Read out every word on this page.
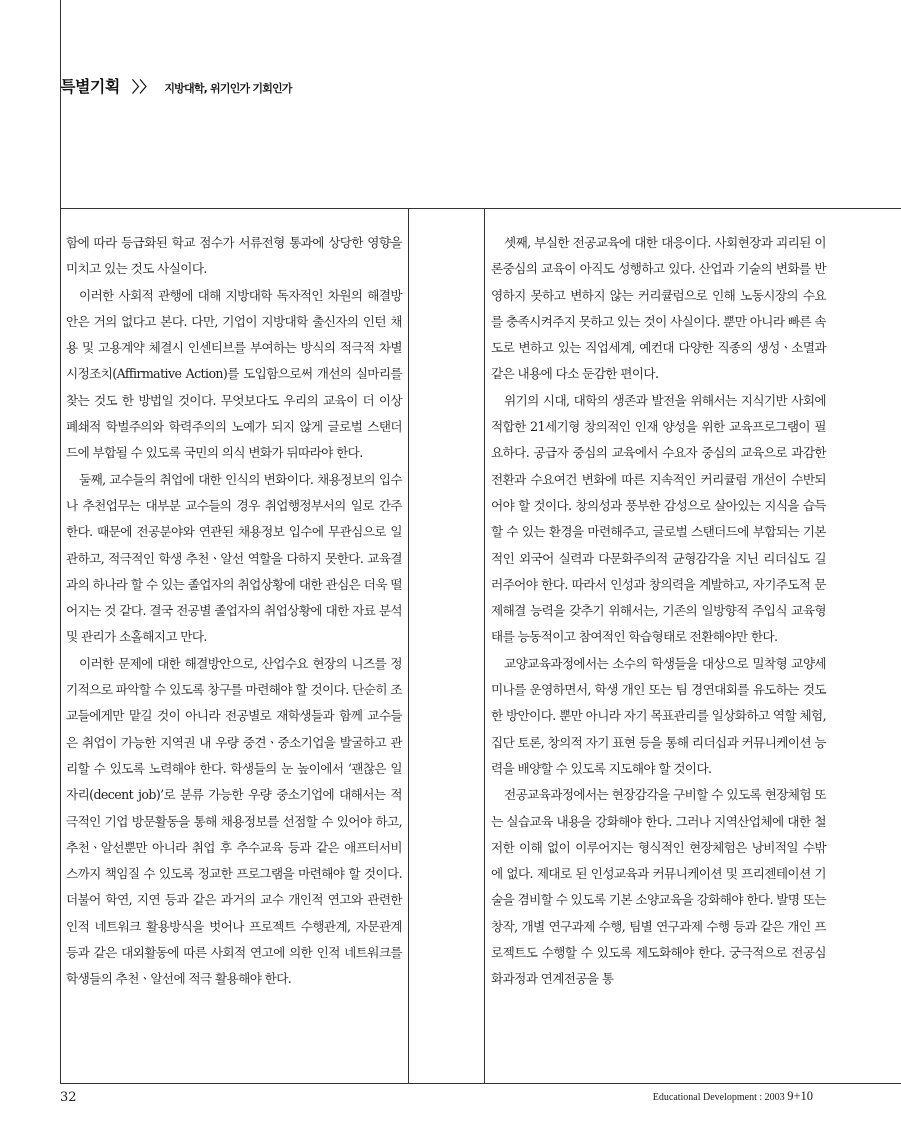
특별기획 〉〉 지방대학, 위기인가 기회인가

함에 따라 등급화된 학교 점수가 서류전형 통과에 상당한 영향을 미치고 있는 것도 사실이다.

이러한 사회적 관행에 대해 지방대학 독자적인 차원의 해결방안은 거의 없다고 본다. 다만, 기업이 지방대학 출신자의 인턴 채용 및 고용계약 체결시 인센티브를 부여하는 방식의 적극적 차별시정조치(Affirmative Action)를 도입함으로써 개선의 실마리를 찾는 것도 한 방법일 것이다. 무엇보다도 우리의 교육이 더 이상 폐쇄적 학벌주의와 학력주의의 노예가 되지 않게 글로벌 스탠더드에 부합될 수 있도록 국민의 의식 변화가 뒤따라야 한다.

둘째, 교수들의 취업에 대한 인식의 변화이다. 채용정보의 입수나 추천업무는 대부분 교수들의 경우 취업행정부서의 일로 간주한다. 때문에 전공분야와 연관된 채용정보 입수에 무관심으로 일관하고, 적극적인 학생 추천ㆍ알선 역할을 다하지 못한다. 교육결과의 하나라 할 수 있는 졸업자의 취업상황에 대한 관심은 더욱 떨어지는 것 같다. 결국 전공별 졸업자의 취업상황에 대한 자료 분석 및 관리가 소홀해지고 만다.

이러한 문제에 대한 해결방안으로, 산업수요 현장의 니즈를 정기적으로 파악할 수 있도록 창구를 마련해야 할 것이다. 단순히 조교들에게만 맡길 것이 아니라 전공별로 재학생들과 함께 교수들은 취업이 가능한 지역권 내 우량 중견ㆍ중소기업을 발굴하고 관리할 수 있도록 노력해야 한다. 학생들의 눈 높이에서 ‘괜찮은 일자리(decent job)’로 분류 가능한 우량 중소기업에 대해서는 적극적인 기업 방문활동을 통해 채용정보를 선점할 수 있어야 하고, 추천ㆍ알선뿐만 아니라 취업 후 추수교육 등과 같은 애프터서비스까지 책임질 수 있도록 정교한 프로그램을 마련해야 할 것이다. 더불어 학연, 지연 등과 같은 과거의 교수 개인적 연고와 관련한 인적 네트워크 활용방식을 벗어나 프로젝트 수행관계, 자문관계 등과 같은 대외활동에 따른 사회적 연고에 의한 인적 네트워크를 학생들의 추천ㆍ알선에 적극 활용해야 한다.

셋째, 부실한 전공교육에 대한 대응이다. 사회현장과 괴리된 이론중심의 교육이 아직도 성행하고 있다. 산업과 기술의 변화를 반영하지 못하고 변하지 않는 커리큘럼으로 인해 노동시장의 수요를 충족시켜주지 못하고 있는 것이 사실이다. 뿐만 아니라 빠른 속도로 변하고 있는 직업세계, 예컨대 다양한 직종의 생성ㆍ소멸과 같은 내용에 다소 둔감한 편이다.

위기의 시대, 대학의 생존과 발전을 위해서는 지식기반 사회에 적합한 21세기형 창의적인 인재 양성을 위한 교육프로그램이 필요하다. 공급자 중심의 교육에서 수요자 중심의 교육으로 과감한 전환과 수요여건 변화에 따른 지속적인 커리큘럼 개선이 수반되어야 할 것이다. 창의성과 풍부한 감성으로 살아있는 지식을 습득할 수 있는 환경을 마련해주고, 글로벌 스탠더드에 부합되는 기본적인 외국어 실력과 다문화주의적 균형감각을 지닌 리더십도 길러주어야 한다. 따라서 인성과 창의력을 계발하고, 자기주도적 문제해결 능력을 갖추기 위해서는, 기존의 일방향적 주입식 교육형태를 능동적이고 참여적인 학습형태로 전환해야만 한다.

교양교육과정에서는 소수의 학생들을 대상으로 밀착형 교양세미나를 운영하면서, 학생 개인 또는 팀 경연대회를 유도하는 것도 한 방안이다. 뿐만 아니라 자기 목표관리를 일상화하고 역할 체험, 집단 토론, 창의적 자기 표현 등을 통해 리더십과 커뮤니케이션 능력을 배양할 수 있도록 지도해야 할 것이다.

전공교육과정에서는 현장감각을 구비할 수 있도록 현장체험 또는 실습교육 내용을 강화해야 한다. 그러나 지역산업체에 대한 철저한 이해 없이 이루어지는 형식적인 현장체험은 낭비적일 수밖에 없다. 제대로 된 인성교육과 커뮤니케이션 및 프리젠테이션 기술을 겸비할 수 있도록 기본 소양교육을 강화해야 한다. 발명 또는 창작, 개별 연구과제 수행, 팀별 연구과제 수행 등과 같은 개인 프로젝트도 수행할 수 있도록 제도화해야 한다. 궁극적으로 전공심화과정과 연계전공을 통

32	Educational Development : 2003 9+10
